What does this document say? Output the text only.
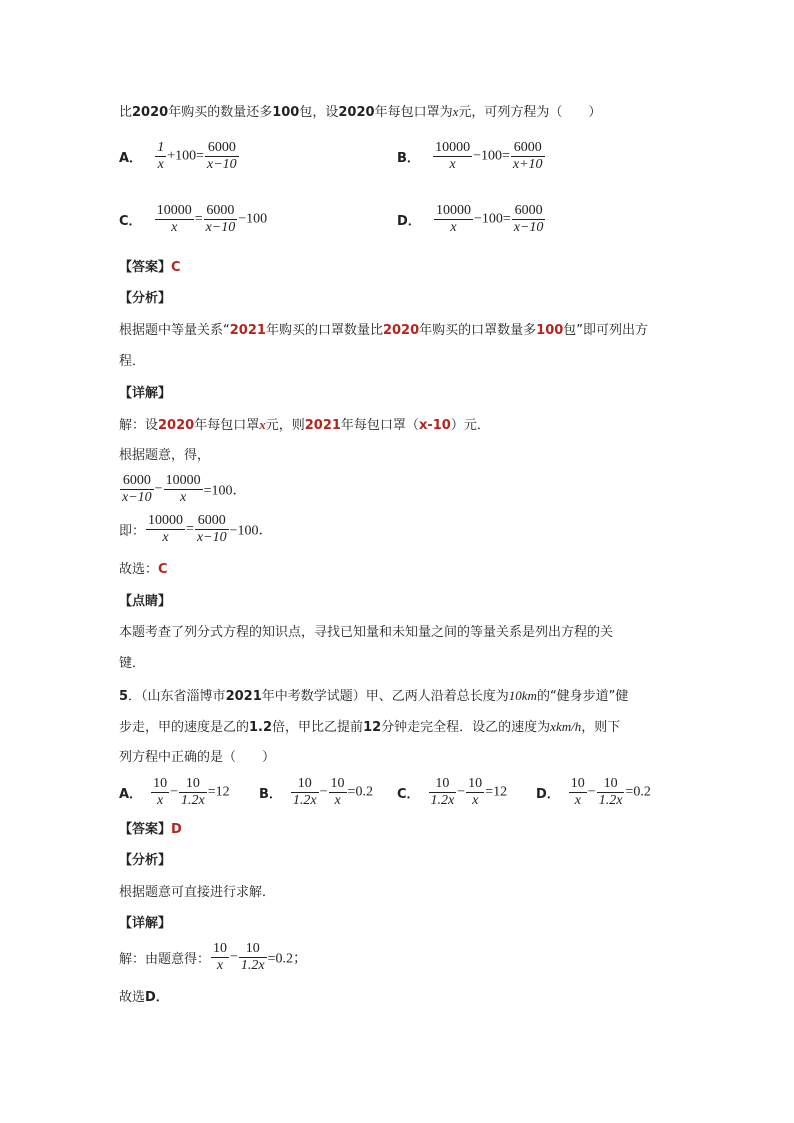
比2020年购买的数量还多100包，设2020年每包口罩为x元，可列方程为（　　）
A． $\frac{1}{x} +100= \frac{6000}{x-10}$	B． $\frac{10000}{x} -100= \frac{6000}{x+10}$
C． $\frac{10000}{x} = \frac{6000}{x-10} -100$	D． $\frac{10000}{x} -100= \frac{6000}{x-10}$
【答案】C
【分析】
根据题中等量关系“2021年购买的口罩数量比2020年购买的口罩数量多100包”即可列出方
程．
【详解】
解：设2020年每包口罩x元，则2021年每包口罩（x-10）元．
根据题意，得，
$\frac{6000}{x-10} - \frac{10000}{x} =100$．
即： $\frac{10000}{x} = \frac{6000}{x-10} -100$．
故选：C
【点睛】
本题考查了列分式方程的知识点，寻找已知量和未知量之间的等量关系是列出方程的关
键．
5．（山东省淄博市2021年中考数学试题）甲、乙两人沿着总长度为10km的“健身步道”健
步走，甲的速度是乙的1.2倍，甲比乙提前12分钟走完全程．设乙的速度为xkm/h，则下
列方程中正确的是（　　）
A． $\frac{10}{x} - \frac{10}{1.2x} =12$ B． $\frac{10}{1.2x} - \frac{10}{x} =0.2$ C． $\frac{10}{1.2x} - \frac{10}{x} =12$ D． $\frac{10}{x} - \frac{10}{1.2x} =0.2$
【答案】D
【分析】
根据题意可直接进行求解．
【详解】
解：由题意得： $\frac{10}{x} - \frac{10}{1.2x} =0.2$；
故选D．
